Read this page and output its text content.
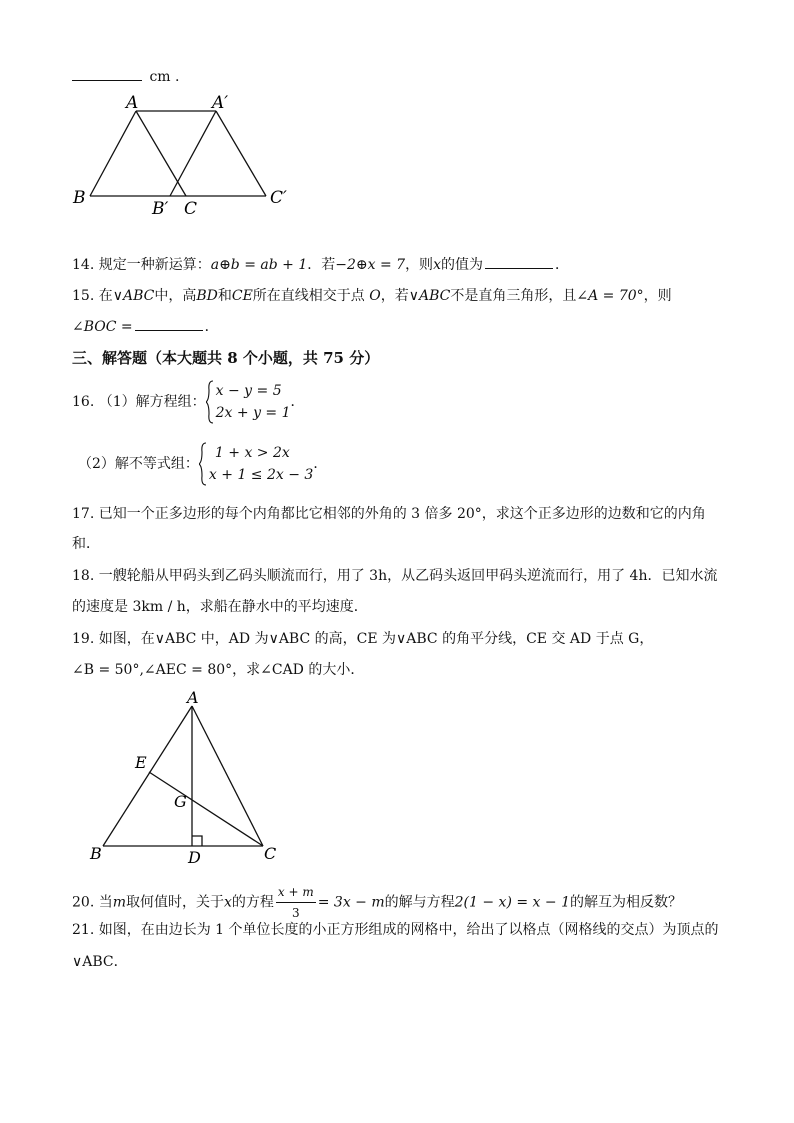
cm .
A	A′
B
B′ C
C′
14. 规定一种新运算：a⊕b = ab + 1．若−2⊕x = 7，则x的值为	．
15. 在∨ABC中，高BD和CE所在直线相交于点 O，若∨ABC不是直角三角形，且∠A = 70°，则
∠BOC =	．
三、解答题（本大题共 8 个小题，共 75 分）
16. （1）解方程组：
x − y = 5
2x + y = 1
．
（2）解不等式组：
1 + x > 2x
x + 1 ≤ 2x − 3
．
17. 已知一个正多边形的每个内角都比它相邻的外角的 3 倍多 20°，求这个正多边形的边数和它的内角
和．
18. 一艘轮船从甲码头到乙码头顺流而行，用了 3h，从乙码头返回甲码头逆流而行，用了 4h．已知水流
的速度是 3km / h，求船在静水中的平均速度．
19. 如图，在∨ABC 中，AD 为∨ABC 的高，CE 为∨ABC 的角平分线，CE 交 AD 于点 G，
∠B = 50°,∠AEC = 80°，求∠CAD 的大小．
A
E
G
B	D	C
20. 当m取何值时，关于x的方程 $\frac{x + m}{3} = 3x - m$的解与方程2(1 − x) = x − 1的解互为相反数？
21. 如图，在由边长为 1 个单位长度的小正方形组成的网格中，给出了以格点（网格线的交点）为顶点的
∨ABC．
